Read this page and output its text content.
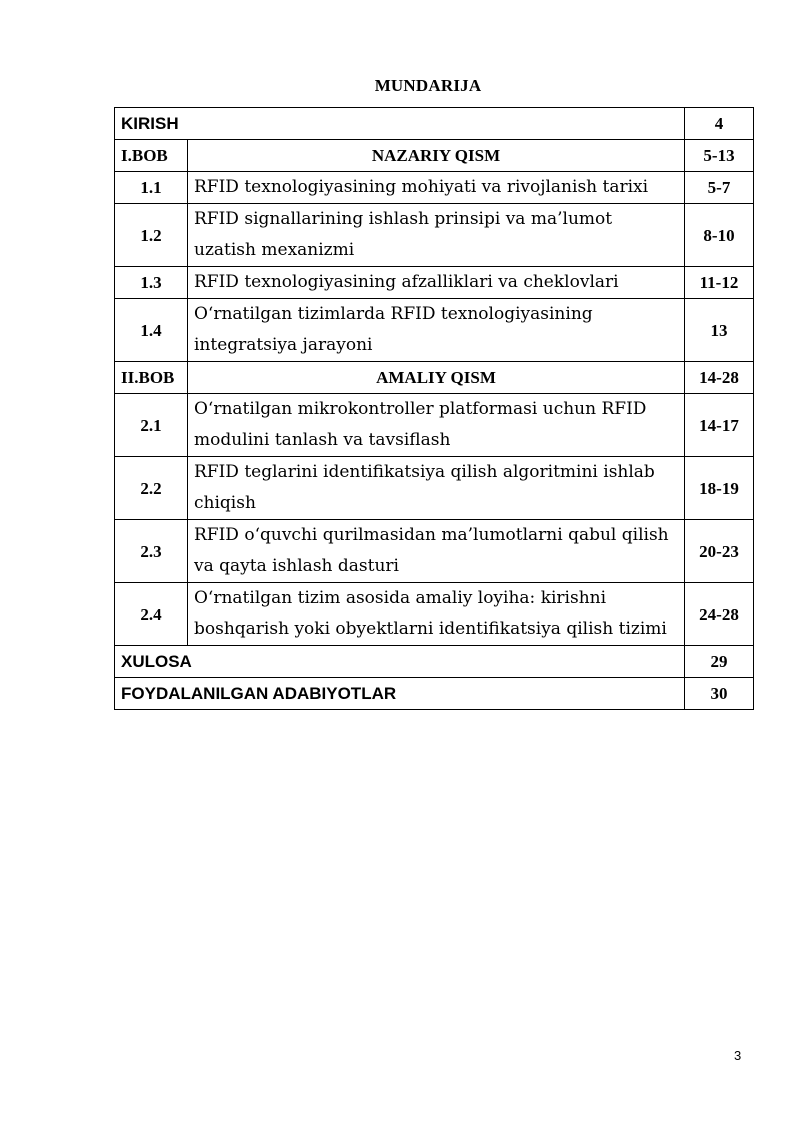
MUNDARIJA
KIRISH		4
I.BOB	NAZARIY QISM	5-13
1.1	RFID texnologiyasining mohiyati va rivojlanish tarixi	5-7
1.2	RFID signallarining ishlash prinsipi va ma’lumot uzatish mexanizmi	8-10
1.3	RFID texnologiyasining afzalliklari va cheklovlari	11-12
1.4	O‘rnatilgan tizimlarda RFID texnologiyasining integratsiya jarayoni	13
II.BOB	AMALIY QISM	14-28
2.1	O‘rnatilgan mikrokontroller platformasi uchun RFID modulini tanlash va tavsiflash	14-17
2.2	RFID teglarini identifikatsiya qilish algoritmini ishlab chiqish	18-19
2.3	RFID o‘quvchi qurilmasidan ma’lumotlarni qabul qilish va qayta ishlash dasturi	20-23
2.4	O‘rnatilgan tizim asosida amaliy loyiha: kirishni boshqarish yoki obyektlarni identifikatsiya qilish tizimi	24-28
XULOSA		29
FOYDALANILGAN ADABIYOTLAR		30
3
